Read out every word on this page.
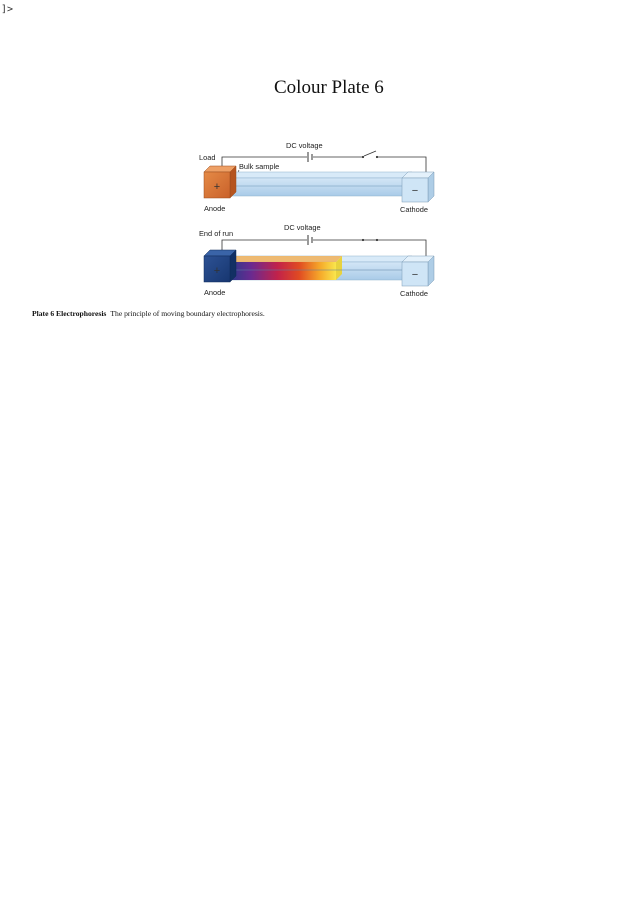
]>
Colour Plate 6
DC voltage
Load
Bulk sample
+	−
Anode	Cathode
DC voltage
End of run
+	−
Anode	Cathode
Plate 6 Electrophoresis The principle of moving boundary electrophoresis.
